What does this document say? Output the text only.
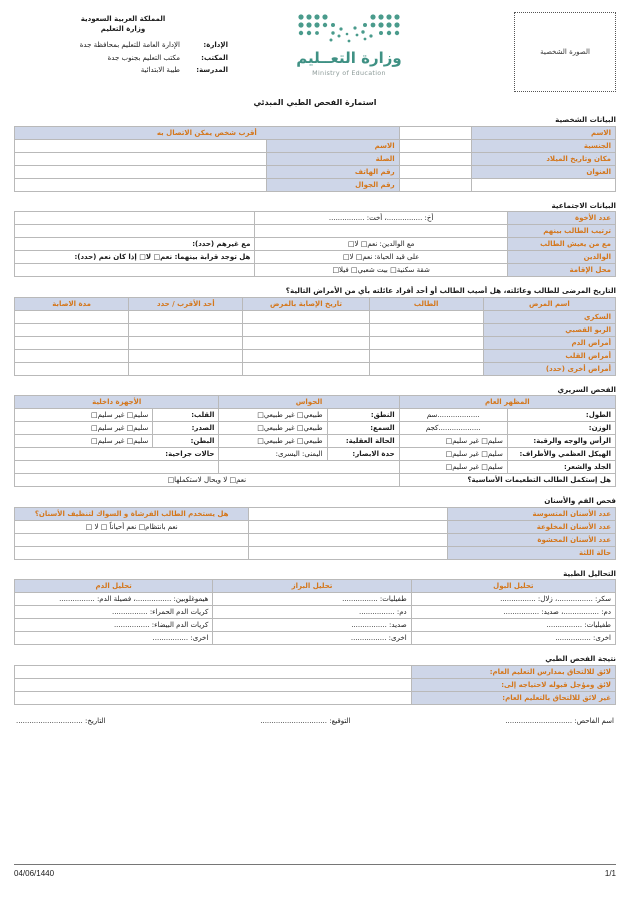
المملكة العربية السعودية
وزارة التعليم
الإدارة:
الإدارة العامة للتعليم بمحافظة جدة
المكتب:
مكتب التعليم بجنوب جدة
المدرسة:
طيبة الابتدائية
وزارة التعــليم
Ministry of Education
الصورة الشخصية
استمارة الفحص الطبي المبدئي
البيانات الشخصية
الاسم		أقرب شخص يمكن الاتصال به	
الجنسية		الاسم	
مكان وتاريخ الميلاد		الصلة	
العنوان		رقم الهاتف	
		رقم الجوال	
البيانات الاجتماعية
عدد الأخوة	أخ: ................، أخت: ................	
ترتيب الطالب بينهم		
مع من يعيش الطالب	مع الوالدين: نعم□ لا□	مع غيرهم (حدد):
الوالدين	على قيد الحياة: نعم□ لا□	هل توجد قرابة بينهما: نعم□ لا□ إذا كان نعم (حدد):
محل الإقامة	شقة سكنية□ بيت شعبي□ فيلا□	
التاريخ المرضى للطالب وعائلته، هل أصيب الطالب أو أحد أفراد عائلته بأي من الأمراض التالية؟
اسم المرض	الطالب	تاريخ الإصابة بالمرض	أحد الأقرب / حدد	مدة الاصابة
السكري				
الربو القصبي				
أمراض الدم				
أمراض القلب				
أمراض أخرى (حدد)				
الفحص السريري
المظهر العام		الحواس		الأجهزة داخلية	
الطول:	...................سم	النطق:	طبيعي□ غير طبيعي□	القلب:	سليم□ غير سليم□
الوزن:	...................كجم	السمع:	طبيعي□ غير طبيعي□	الصدر:	سليم□ غير سليم□
الرأس والوجه والرقبة:	سليم□ غير سليم□	الحالة العقلية:	طبيعي□ غير طبيعي□	البطن:	سليم□ غير سليم□
الهيكل العظمي والأطراف:	سليم□ غير سليم□	حدة الابصار:	اليمنى: اليسرى:	حالات جراحية:	
الجلد والشعر:	سليم□ غير سليم□				
هل إستكمل الطالب التطعيمات الأساسية؟		نعم□ لا ويحال لاستكملها□			
فحص الفم والأسنان
عدد الأسنان المتسوسة		هل يستخدم الطالب الفرشاة و السواك لتنظيف الأسنان؟
عدد الأسنان المخلوعة		نعم بانتظام□ نعم أحياناً □ لا □
عدد الأسنان المحشوة		
حالة اللثة		
التحاليل الطبية
تحليل البول	تحليل البراز	تحليل الدم
سكر: ................، زلال: ................	طفيليات: ................	هيموغلوبين: ................، فصيلة الدم: ................
دم: ................، صديد: ................	دم: ................	كريات الدم الحمراء: ................
طفيليات: ................	صديد: ................	كريات الدم البيضاء: ................
اخرى: ................	اخرى: ................	اخرى: ................
نتيجة الفحص الطبي
لائق للالتحاق بمدارس التعليم العام:	
لائق ومؤجل قبوله لاحتياجه إلى:	
غير لائق للالتحاق بالتعليم العام:	
اسم الفاحص: ..............................
التوقيع: ..............................
التاريخ: ..............................
1/1
04/06/1440
